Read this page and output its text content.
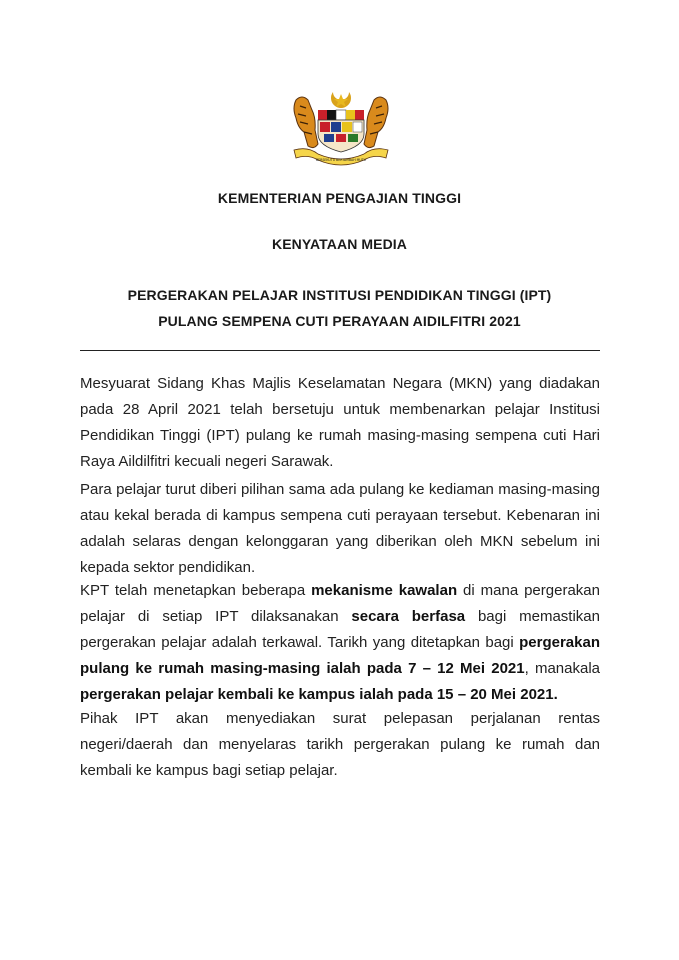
BERSEKUTU BERTAMBAH MUTU
KEMENTERIAN PENGAJIAN TINGGI
KENYATAAN MEDIA
PERGERAKAN PELAJAR INSTITUSI PENDIDIKAN TINGGI (IPT)
PULANG SEMPENA CUTI PERAYAAN AIDILFITRI 2021

Mesyuarat Sidang Khas Majlis Keselamatan Negara (MKN) yang diadakan pada 28 April 2021 telah bersetuju untuk membenarkan pelajar Institusi Pendidikan Tinggi (IPT) pulang ke rumah masing-masing sempena cuti Hari Raya Aildilfitri kecuali negeri Sarawak.

Para pelajar turut diberi pilihan sama ada pulang ke kediaman masing-masing atau kekal berada di kampus sempena cuti perayaan tersebut. Kebenaran ini adalah selaras dengan kelonggaran yang diberikan oleh MKN sebelum ini kepada sektor pendidikan.

KPT telah menetapkan beberapa mekanisme kawalan di mana pergerakan pelajar di setiap IPT dilaksanakan secara berfasa bagi memastikan pergerakan pelajar adalah terkawal. Tarikh yang ditetapkan bagi pergerakan pulang ke rumah masing-masing ialah pada 7 – 12 Mei 2021, manakala pergerakan pelajar kembali ke kampus ialah pada 15 – 20 Mei 2021.

Pihak IPT akan menyediakan surat pelepasan perjalanan rentas negeri/daerah dan menyelaras tarikh pergerakan pulang ke rumah dan kembali ke kampus bagi setiap pelajar.
